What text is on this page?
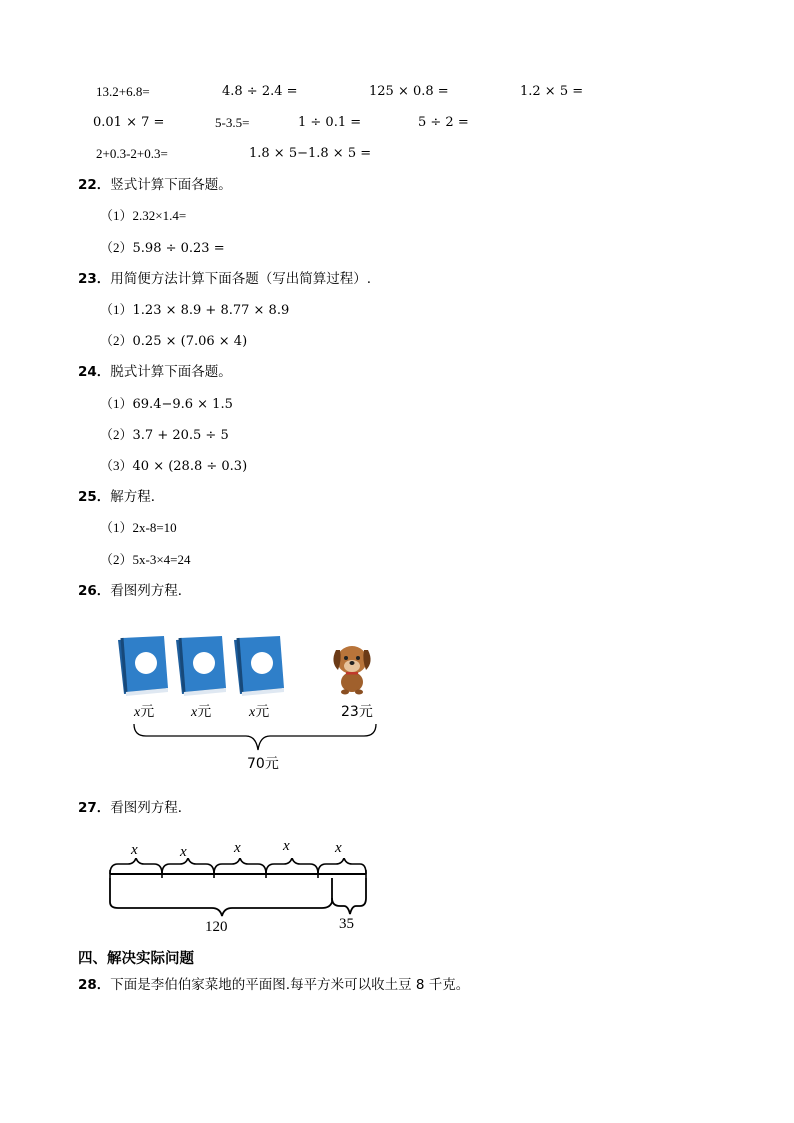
13.2+6.8=	4.8 ÷ 2.4 =	125 × 0.8 =	1.2 × 5 =
0.01 × 7 =	5-3.5=	1 ÷ 0.1 =	5 ÷ 2 =
2+0.3-2+0.3=	1.8 × 5−1.8 × 5 =
22．竖式计算下面各题。
（1）2.32×1.4=
（2）5.98 ÷ 0.23 =
23．用简便方法计算下面各题（写出简算过程）.
（1）1.23 × 8.9 + 8.77 × 8.9
（2）0.25 × (7.06 × 4)
24．脱式计算下面各题。
（1）69.4−9.6 × 1.5
（2）3.7 + 20.5 ÷ 5
（3）40 × (28.8 ÷ 0.3)
25．解方程．
（1）2x-8=10
（2）5x-3×4=24
26．看图列方程．
x元	x元	x元	23元
70元
27．看图列方程．
x	x	x	x	x
120	35
四、解决实际问题
28．下面是李伯伯家菜地的平面图.每平方米可以收土豆 8 千克。
